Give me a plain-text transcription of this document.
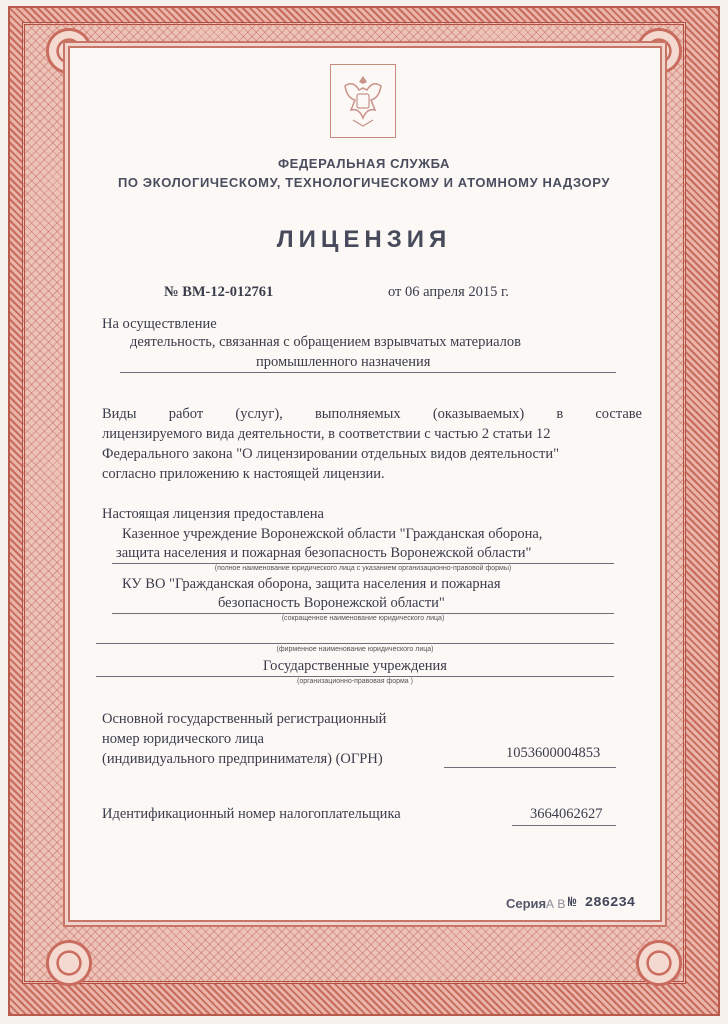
ФЕДЕРАЛЬНАЯ СЛУЖБА
ПО ЭКОЛОГИЧЕСКОМУ, ТЕХНОЛОГИЧЕСКОМУ И АТОМНОМУ НАДЗОРУ
ЛИЦЕНЗИЯ
№ ВМ-12-012761	от 06 апреля 2015 г.
На осуществление
деятельность, связанная с обращением взрывчатых материалов
промышленного назначения
Виды работ (услуг), выполняемых (оказываемых) в составе
лицензируемого вида деятельности, в соответствии с частью 2 статьи 12
Федерального закона "О лицензировании отдельных видов деятельности"
согласно приложению к настоящей лицензии.
Настоящая лицензия предоставлена
Казенное учреждение Воронежской области "Гражданская оборона,
защита населения и пожарная безопасность Воронежской области"
(полное наименование юридического лица с указанием организационно-правовой формы)
КУ ВО "Гражданская оборона, защита населения и пожарная
безопасность Воронежской области"
(сокращенное наименование юридического лица)
(фирменное наименование юридического лица)
Государственные учреждения
(организационно-правовая форма )
Основной государственный регистрационный
номер юридического лица
(индивидуального предпринимателя) (ОГРН)	1053600004853
Идентификационный номер налогоплательщика	3664062627
Серия А В № 286234
